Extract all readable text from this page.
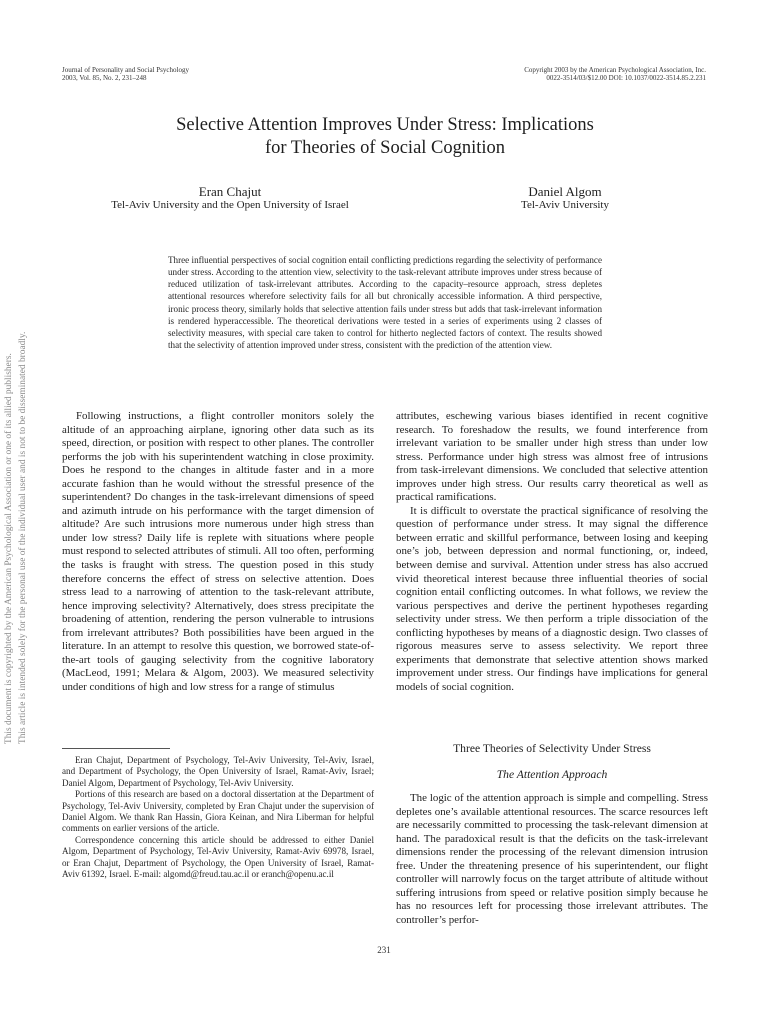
Journal of Personality and Social Psychology
2003, Vol. 85, No. 2, 231–248
Copyright 2003 by the American Psychological Association, Inc.
0022-3514/03/$12.00 DOI: 10.1037/0022-3514.85.2.231
Selective Attention Improves Under Stress: Implications
for Theories of Social Cognition
Eran Chajut
Tel-Aviv University and the Open University of Israel
Daniel Algom
Tel-Aviv University
Three influential perspectives of social cognition entail conflicting predictions regarding the selectivity of performance under stress. According to the attention view, selectivity to the task-relevant attribute improves under stress because of reduced utilization of task-irrelevant attributes. According to the capacity–resource approach, stress depletes attentional resources wherefore selectivity fails for all but chronically accessible information. A third perspective, ironic process theory, similarly holds that selective attention fails under stress but adds that task-irrelevant information is rendered hyperaccessible. The theoretical derivations were tested in a series of experiments using 2 classes of selectivity measures, with special care taken to control for hitherto neglected factors of context. The results showed that the selectivity of attention improved under stress, consistent with the prediction of the attention view.
This document is copyrighted by the American Psychological Association or one of its allied publishers. This article is intended solely for the personal use of the individual user and is not to be disseminated broadly.	Following instructions, a flight controller monitors solely the altitude of an approaching airplane, ignoring other data such as its speed, direction, or position with respect to other planes. The controller performs the job with his superintendent watching in close proximity. Does he respond to the changes in altitude faster and in a more accurate fashion than he would without the stressful presence of the superintendent? Do changes in the task-irrelevant dimensions of speed and azimuth intrude on his performance with the target dimension of altitude? Are such intrusions more numerous under high stress than under low stress? Daily life is replete with situations where people must respond to selected attributes of stimuli. All too often, performing the tasks is fraught with stress. The question posed in this study therefore concerns the effect of stress on selective attention. Does stress lead to a narrowing of attention to the task-relevant attribute, hence improving selectivity? Alternatively, does stress precipitate the broadening of attention, rendering the person vulnerable to intrusions from irrelevant attributes? Both possibilities have been argued in the literature. In an attempt to resolve this question, we borrowed state-of-the-art tools of gauging selectivity from the cognitive laboratory (MacLeod, 1991; Melara & Algom, 2003). We measured selectivity under conditions of high and low stress for a range of stimulus

attributes, eschewing various biases identified in recent cognitive research. To foreshadow the results, we found interference from irrelevant variation to be smaller under high stress than under low stress. Performance under high stress was almost free of intrusions from task-irrelevant dimensions. We concluded that selective attention improves under high stress. Our results carry theoretical as well as practical ramifications.

It is difficult to overstate the practical significance of resolving the question of performance under stress. It may signal the difference between erratic and skillful performance, between losing and keeping one’s job, between depression and normal functioning, or, indeed, between demise and survival. Attention under stress has also accrued vivid theoretical interest because three influential theories of social cognition entail conflicting outcomes. In what follows, we review the various perspectives and derive the pertinent hypotheses regarding selectivity under stress. We then perform a triple dissociation of the conflicting hypotheses by means of a diagnostic design. Two classes of rigorous measures serve to assess selectivity. We report three experiments that demonstrate that selective attention shows marked improvement under stress. Our findings have implications for general models of social cognition.

Eran Chajut, Department of Psychology, Tel-Aviv University, Tel-Aviv, Israel, and Department of Psychology, the Open University of Israel, Ramat-Aviv, Israel; Daniel Algom, Department of Psychology, Tel-Aviv University.

Portions of this research are based on a doctoral dissertation at the Department of Psychology, Tel-Aviv University, completed by Eran Chajut under the supervision of Daniel Algom. We thank Ran Hassin, Giora Keinan, and Nira Liberman for helpful comments on earlier versions of the article.

Correspondence concerning this article should be addressed to either Daniel Algom, Department of Psychology, Tel-Aviv University, Ramat-Aviv 69978, Israel, or Eran Chajut, Department of Psychology, the Open University of Israel, Ramat-Aviv 61392, Israel. E-mail: algomd@freud.tau.ac.il or eranch@openu.ac.il

Three Theories of Selectivity Under Stress
The Attention Approach

The logic of the attention approach is simple and compelling. Stress depletes one’s available attentional resources. The scarce resources left are necessarily committed to processing the task-relevant dimension at hand. The paradoxical result is that the deficits on the task-irrelevant dimensions render the processing of the relevant dimension intrusion free. Under the threatening presence of his superintendent, our flight controller will narrowly focus on the target attribute of altitude without suffering intrusions from speed or relative position simply because he has no resources left for processing those irrelevant attributes. The controller’s perfor-

231
